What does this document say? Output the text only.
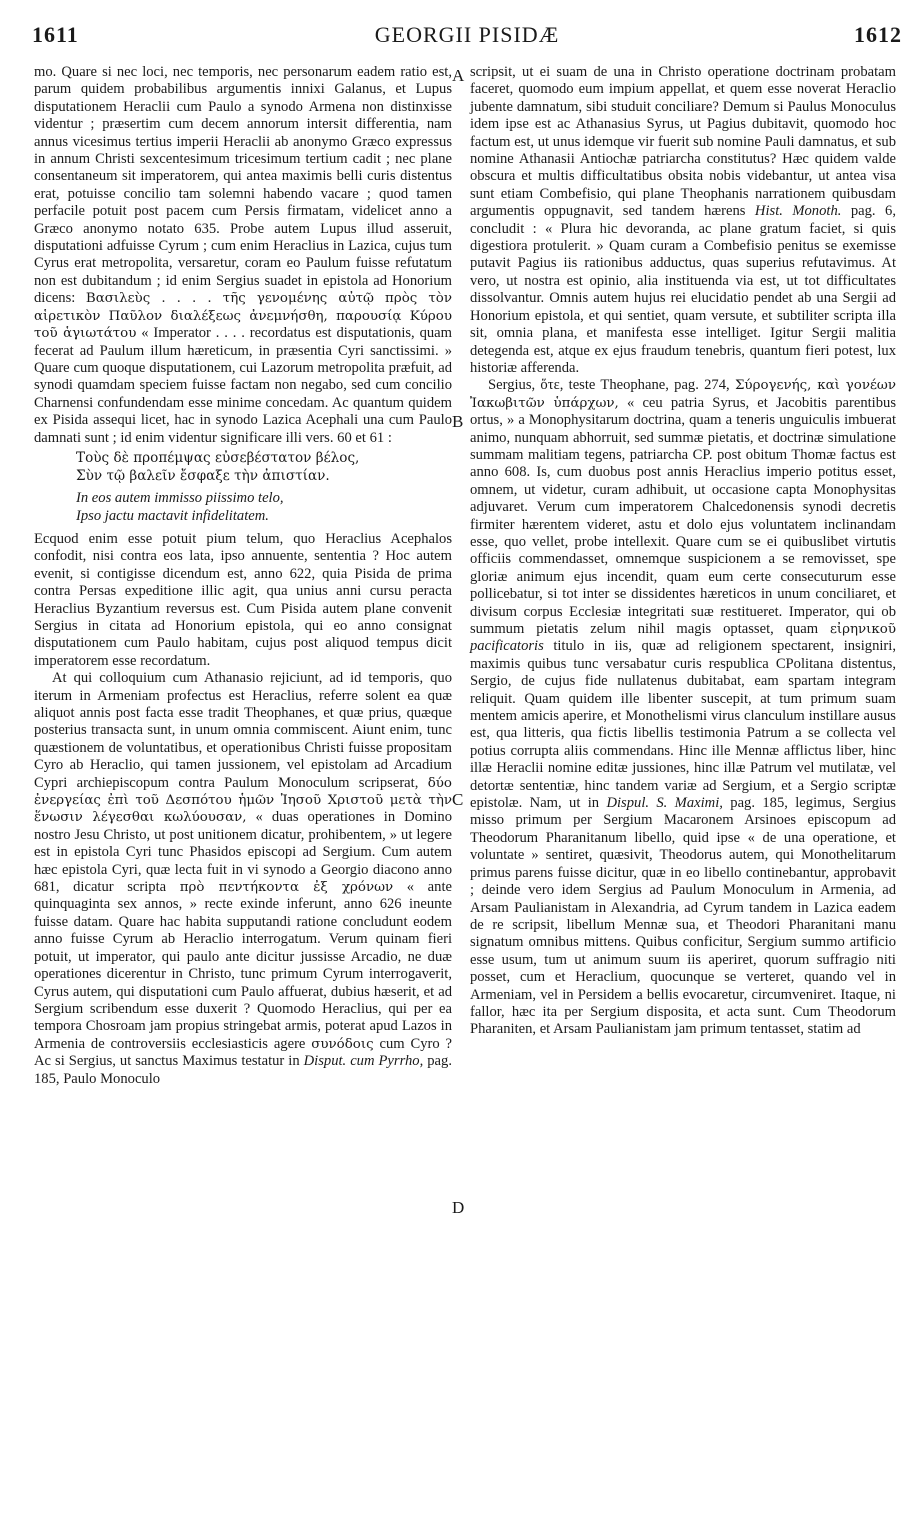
1611	GEORGII PISIDÆ	1612
A
B
C
D

mo. Quare si nec loci, nec temporis, nec personarum eadem ratio est, parum quidem probabilibus argumentis innixi Galanus, et Lupus disputationem Heraclii cum Paulo a synodo Armena non distinxisse videntur ; præsertim cum decem annorum intersit differentia, nam annus vicesimus tertius imperii Heraclii ab anonymo Græco expressus in annum Christi sexcentesimum tricesimum tertium cadit ; nec plane consentaneum sit imperatorem, qui antea maximis belli curis distentus erat, potuisse concilio tam solemni habendo vacare ; quod tamen perfacile potuit post pacem cum Persis firmatam, videlicet anno a Græco anonymo notato 635. Probe autem Lupus illud asseruit, disputationi adfuisse Cyrum ; cum enim Heraclius in Lazica, cujus tum Cyrus erat metropolita, versaretur, coram eo Paulum fuisse refutatum non est dubitandum ; id enim Sergius suadet in epistola ad Honorium dicens: Βασιλεὺς . . . . τῆς γενομένης αὐτῷ πρὸς τὸν αἱρετικὸν Παῦλον διαλέξεως ἀνεμνήσθη, παρουσίᾳ Κύρου τοῦ ἁγιωτάτου « Imperator . . . . recordatus est disputationis, quam fecerat ad Paulum illum hæreticum, in præsentia Cyri sanctissimi. » Quare cum quoque disputationem, cui Lazorum metropolita præfuit, ad synodi quamdam speciem fuisse factam non negabo, sed cum concilio Charnensi confundendam esse minime concedam. Ac quantum quidem ex Pisida assequi licet, hac in synodo Lazica Acephali una cum Paulo damnati sunt ; id enim videntur significare illi vers. 60 et 61 :

Τοὺς δὲ προπέμψας εὐσεβέστατον βέλος,
Σὺν τῷ βαλεῖν ἔσφαξε τὴν ἀπιστίαν.
In eos autem immisso piissimo telo,
Ipso jactu mactavit infidelitatem.

Ecquod enim esse potuit pium telum, quo Heraclius Acephalos confodit, nisi contra eos lata, ipso annuente, sententia ? Hoc autem evenit, si contigisse dicendum est, anno 622, quia Pisida de prima contra Persas expeditione illic agit, qua unius anni cursu peracta Heraclius Byzantium reversus est. Cum Pisida autem plane convenit Sergius in citata ad Honorium epistola, qui eo anno consignat disputationem cum Paulo habitam, cujus post aliquod tempus dicit imperatorem esse recordatum.

At qui colloquium cum Athanasio rejiciunt, ad id temporis, quo iterum in Armeniam profectus est Heraclius, referre solent ea quæ aliquot annis post facta esse tradit Theophanes, et quæ prius, quæque posterius transacta sunt, in unum omnia commiscent. Aiunt enim, tunc quæstionem de voluntatibus, et operationibus Christi fuisse propositam Cyro ab Heraclio, qui tamen jussionem, vel epistolam ad Arcadium Cypri archiepiscopum contra Paulum Monoculum scripserat, δύο ἐνεργείας ἐπὶ τοῦ Δεσπότου ἡμῶν Ἰησοῦ Χριστοῦ μετὰ τὴν ἕνωσιν λέγεσθαι κωλύουσαν, « duas operationes in Domino nostro Jesu Christo, ut post unitionem dicatur, prohibentem, » ut legere est in epistola Cyri tunc Phasidos episcopi ad Sergium. Cum autem hæc epistola Cyri, quæ lecta fuit in vi synodo a Georgio diacono anno 681, dicatur scripta πρὸ πεντήκοντα ἐξ χρόνων « ante quinquaginta sex annos, » recte exinde inferunt, anno 626 ineunte fuisse datam. Quare hac habita supputandi ratione concludunt eodem anno fuisse Cyrum ab Heraclio interrogatum. Verum quinam fieri potuit, ut imperator, qui paulo ante dicitur jussisse Arcadio, ne duæ operationes dicerentur in Christo, tunc primum Cyrum interrogaverit, Cyrus autem, qui disputationi cum Paulo affuerat, dubius hæserit, et ad Sergium scribendum esse duxerit ? Quomodo Heraclius, qui per ea tempora Chosroam jam propius stringebat armis, poterat apud Lazos in Armenia de controversiis ecclesiasticis agere συνόδοις cum Cyro ? Ac si Sergius, ut sanctus Maximus testatur in Disput. cum Pyrrho, pag. 185, Paulo Monoculo

scripsit, ut ei suam de una in Christo operatione doctrinam probatam faceret, quomodo eum impium appellat, et quem esse noverat Heraclio jubente damnatum, sibi studuit conciliare? Demum si Paulus Monoculus idem ipse est ac Athanasius Syrus, ut Pagius dubitavit, quomodo hoc factum est, ut unus idemque vir fuerit sub nomine Pauli damnatus, et sub nomine Athanasii Antiochæ patriarcha constitutus? Hæc quidem valde obscura et multis difficultatibus obsita nobis videbantur, ut antea visa sunt etiam Combefisio, qui plane Theophanis narrationem quibusdam argumentis oppugnavit, sed tandem hærens Hist. Monoth. pag. 6, concludit : « Plura hic devoranda, ac plane gratum faciet, si quis digestiora protulerit. » Quam curam a Combefisio penitus se exemisse putavit Pagius iis rationibus adductus, quas superius refutavimus. At vero, ut nostra est opinio, alia instituenda via est, ut tot difficultates dissolvantur. Omnis autem hujus rei elucidatio pendet ab una Sergii ad Honorium epistola, et qui sentiet, quam versute, et subtiliter scripta illa sit, omnia plana, et manifesta esse intelliget. Igitur Sergii malitia detegenda est, atque ex ejus fraudum tenebris, quantum fieri potest, lux historiæ afferenda.

Sergius, ὅτε, teste Theophane, pag. 274, Σύρογενής, καὶ γονέων Ἰακωβιτῶν ὑπάρχων, « ceu patria Syrus, et Jacobitis parentibus ortus, » a Monophysitarum doctrina, quam a teneris unguiculis imbuerat animo, nunquam abhorruit, sed summæ pietatis, et doctrinæ simulatione summam malitiam tegens, patriarcha CP. post obitum Thomæ factus est anno 608. Is, cum duobus post annis Heraclius imperio potitus esset, omnem, ut videtur, curam adhibuit, ut occasione capta Monophysitas adjuvaret. Verum cum imperatorem Chalcedonensis synodi decretis firmiter hærentem videret, astu et dolo ejus voluntatem inclinandam esse, quo vellet, probe intellexit. Quare cum se ei quibuslibet virtutis officiis commendasset, omnemque suspicionem a se removisset, spe gloriæ animum ejus incendit, quam eum certe consecuturum esse pollicebatur, si tot inter se dissidentes hæreticos in unum conciliaret, et divisum corpus Ecclesiæ integritati suæ restitueret. Imperator, qui ob summum pietatis zelum nihil magis optasset, quam εἰρηνικοῦ pacificatoris titulo in iis, quæ ad religionem spectarent, insigniri, maximis quibus tunc versabatur curis respublica CPolitana distentus, Sergio, de cujus fide nullatenus dubitabat, eam spartam integram reliquit. Quam quidem ille libenter suscepit, at tum primum suam mentem amicis aperire, et Monothelismi virus clanculum instillare ausus est, qua litteris, qua fictis libellis testimonia Patrum a se collecta vel potius corrupta aliis commendans. Hinc ille Mennæ afflictus liber, hinc illæ Heraclii nomine editæ jussiones, hinc illæ Patrum vel mutilatæ, vel detortæ sententiæ, hinc tandem variæ ad Sergium, et a Sergio scriptæ epistolæ. Nam, ut in Dispul. S. Maximi, pag. 185, legimus, Sergius misso primum per Sergium Macaronem Arsinoes episcopum ad Theodorum Pharanitanum libello, quid ipse « de una operatione, et voluntate » sentiret, quæsivit, Theodorus autem, qui Monothelitarum primus parens fuisse dicitur, quæ in eo libello continebantur, approbavit ; deinde vero idem Sergius ad Paulum Monoculum in Armenia, ad Arsam Paulianistam in Alexandria, ad Cyrum tandem in Lazica eadem de re scripsit, libellum Mennæ sua, et Theodori Pharanitani manu signatum omnibus mittens. Quibus conficitur, Sergium summo artificio esse usum, tum ut animum suum iis aperiret, quorum suffragio niti posset, cum et Heraclium, quocunque se verteret, quando vel in Armeniam, vel in Persidem a bellis evocaretur, circumveniret. Itaque, ni fallor, hæc ita per Sergium disposita, et acta sunt. Cum Theodorum Pharaniten, et Arsam Paulianistam jam primum tentasset, statim ad
